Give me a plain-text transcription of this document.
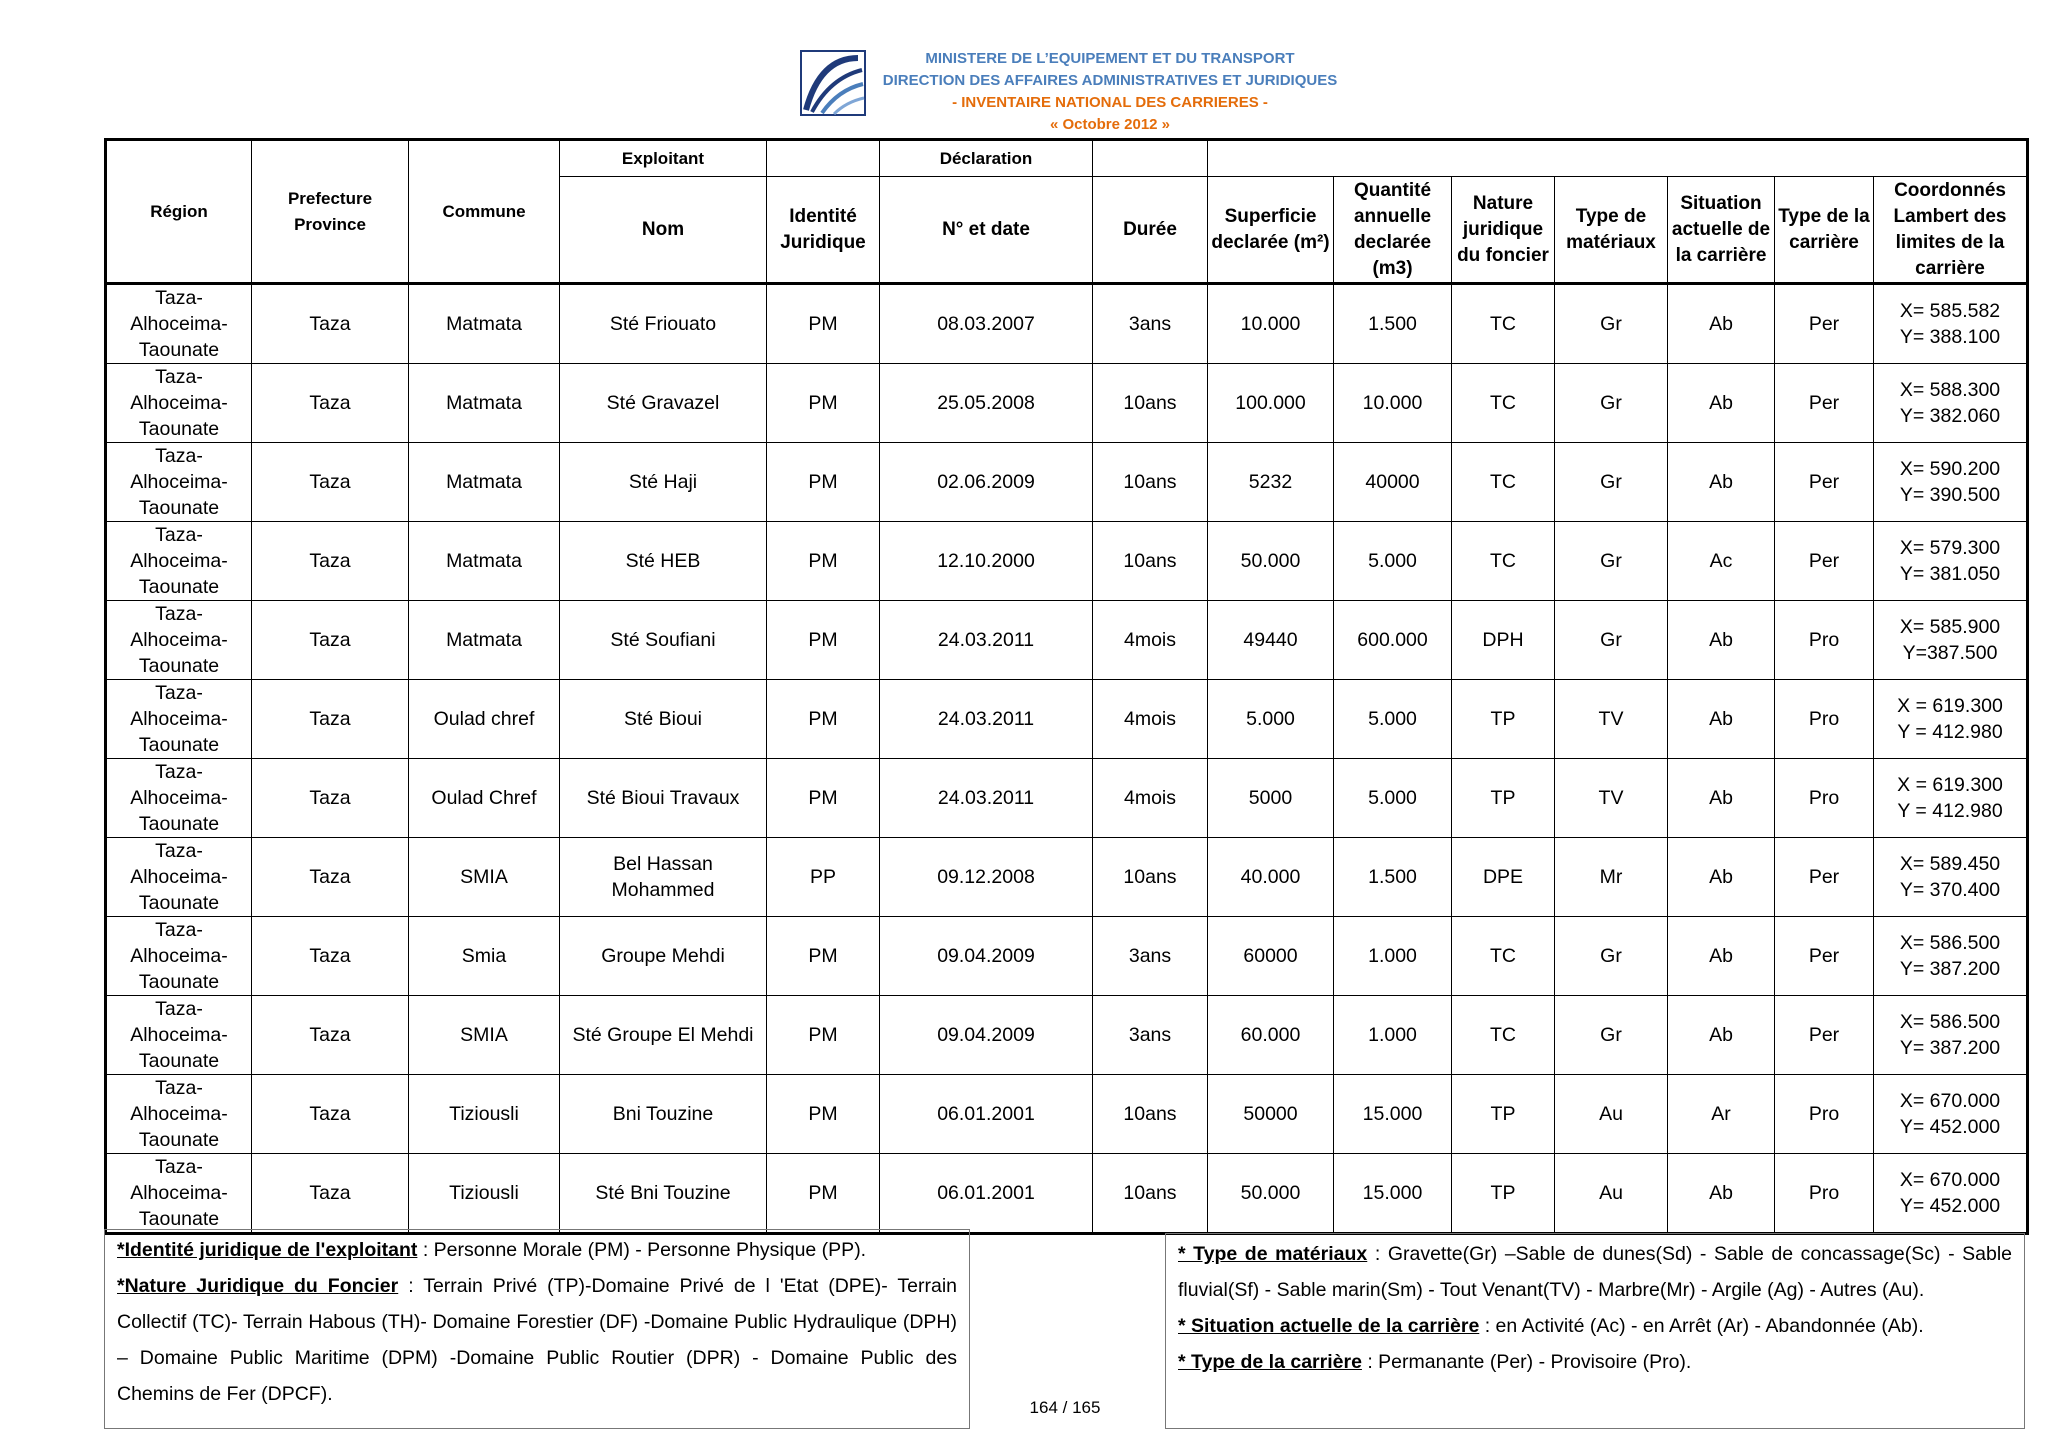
MINISTERE DE L’EQUIPEMENT ET DU TRANSPORT
DIRECTION DES AFFAIRES ADMINISTRATIVES ET JURIDIQUES
- INVENTAIRE NATIONAL DES CARRIERES -
« Octobre 2012 »
Région	Prefecture Province	Commune	Exploitant		Déclaration								
			Nom	Identité Juridique	N° et date	Durée	Superficie declarée (m²)	Quantité annuelle declarée (m3)	Nature juridique du foncier	Type de matériaux	Situation actuelle de la carrière	Type de la carrière	Coordonnés Lambert des limites de la carrière
Taza-Alhoceima-Taounate	Taza	Matmata	Sté Friouato	PM	08.03.2007	3ans	10.000	1.500	TC	Gr	Ab	Per	X= 585.582
Y= 388.100

Taza-Alhoceima-Taounate	Taza	Matmata	Sté Gravazel	PM	25.05.2008	10ans	100.000	10.000	TC	Gr	Ab	Per	X= 588.300
Y= 382.060

Taza-Alhoceima-Taounate	Taza	Matmata	Sté Haji	PM	02.06.2009	10ans	5232	40000	TC	Gr	Ab	Per	X= 590.200
Y= 390.500

Taza-Alhoceima-Taounate	Taza	Matmata	Sté HEB	PM	12.10.2000	10ans	50.000	5.000	TC	Gr	Ac	Per	X= 579.300
Y= 381.050

Taza-Alhoceima-Taounate	Taza	Matmata	Sté Soufiani	PM	24.03.2011	4mois	49440	600.000	DPH	Gr	Ab	Pro	X= 585.900
Y=387.500

Taza-Alhoceima-Taounate	Taza	Oulad chref	Sté Bioui	PM	24.03.2011	4mois	5.000	5.000	TP	TV	Ab	Pro	X = 619.300
Y = 412.980

Taza-Alhoceima-Taounate	Taza	Oulad Chref	Sté Bioui Travaux	PM	24.03.2011	4mois	5000	5.000	TP	TV	Ab	Pro	X = 619.300
Y = 412.980

Taza-Alhoceima-Taounate	Taza	SMIA	Bel Hassan Mohammed	PP	09.12.2008	10ans	40.000	1.500	DPE	Mr	Ab	Per	X= 589.450
Y= 370.400

Taza-Alhoceima-Taounate	Taza	Smia	Groupe Mehdi	PM	09.04.2009	3ans	60000	1.000	TC	Gr	Ab	Per	X= 586.500
Y= 387.200

Taza-Alhoceima-Taounate	Taza	SMIA	Sté Groupe El Mehdi	PM	09.04.2009	3ans	60.000	1.000	TC	Gr	Ab	Per	X= 586.500
Y= 387.200

Taza-Alhoceima-Taounate	Taza	Tiziousli	Bni Touzine	PM	06.01.2001	10ans	50000	15.000	TP	Au	Ar	Pro	X= 670.000
Y= 452.000

Taza-Alhoceima-Taounate	Taza	Tiziousli	Sté Bni Touzine	PM	06.01.2001	10ans	50.000	15.000	TP	Au	Ab	Pro	X= 670.000
Y= 452.000

*Identité juridique de l'exploitant : Personne Morale (PM) - Personne Physique (PP).

*Nature Juridique du Foncier : Terrain Privé (TP)-Domaine Privé de l 'Etat (DPE)- Terrain Collectif (TC)- Terrain Habous (TH)- Domaine Forestier (DF) -Domaine Public Hydraulique (DPH) – Domaine Public Maritime (DPM) -Domaine Public Routier (DPR) - Domaine Public des Chemins de Fer (DPCF).

* Type de matériaux : Gravette(Gr) –Sable de dunes(Sd) - Sable de concassage(Sc) - Sable fluvial(Sf) - Sable marin(Sm) - Tout Venant(TV) - Marbre(Mr) - Argile (Ag) - Autres (Au).

* Situation actuelle de la carrière : en Activité (Ac) - en Arrêt (Ar) - Abandonnée (Ab).

* Type de la carrière : Permanante (Per) - Provisoire (Pro).

164 / 165
